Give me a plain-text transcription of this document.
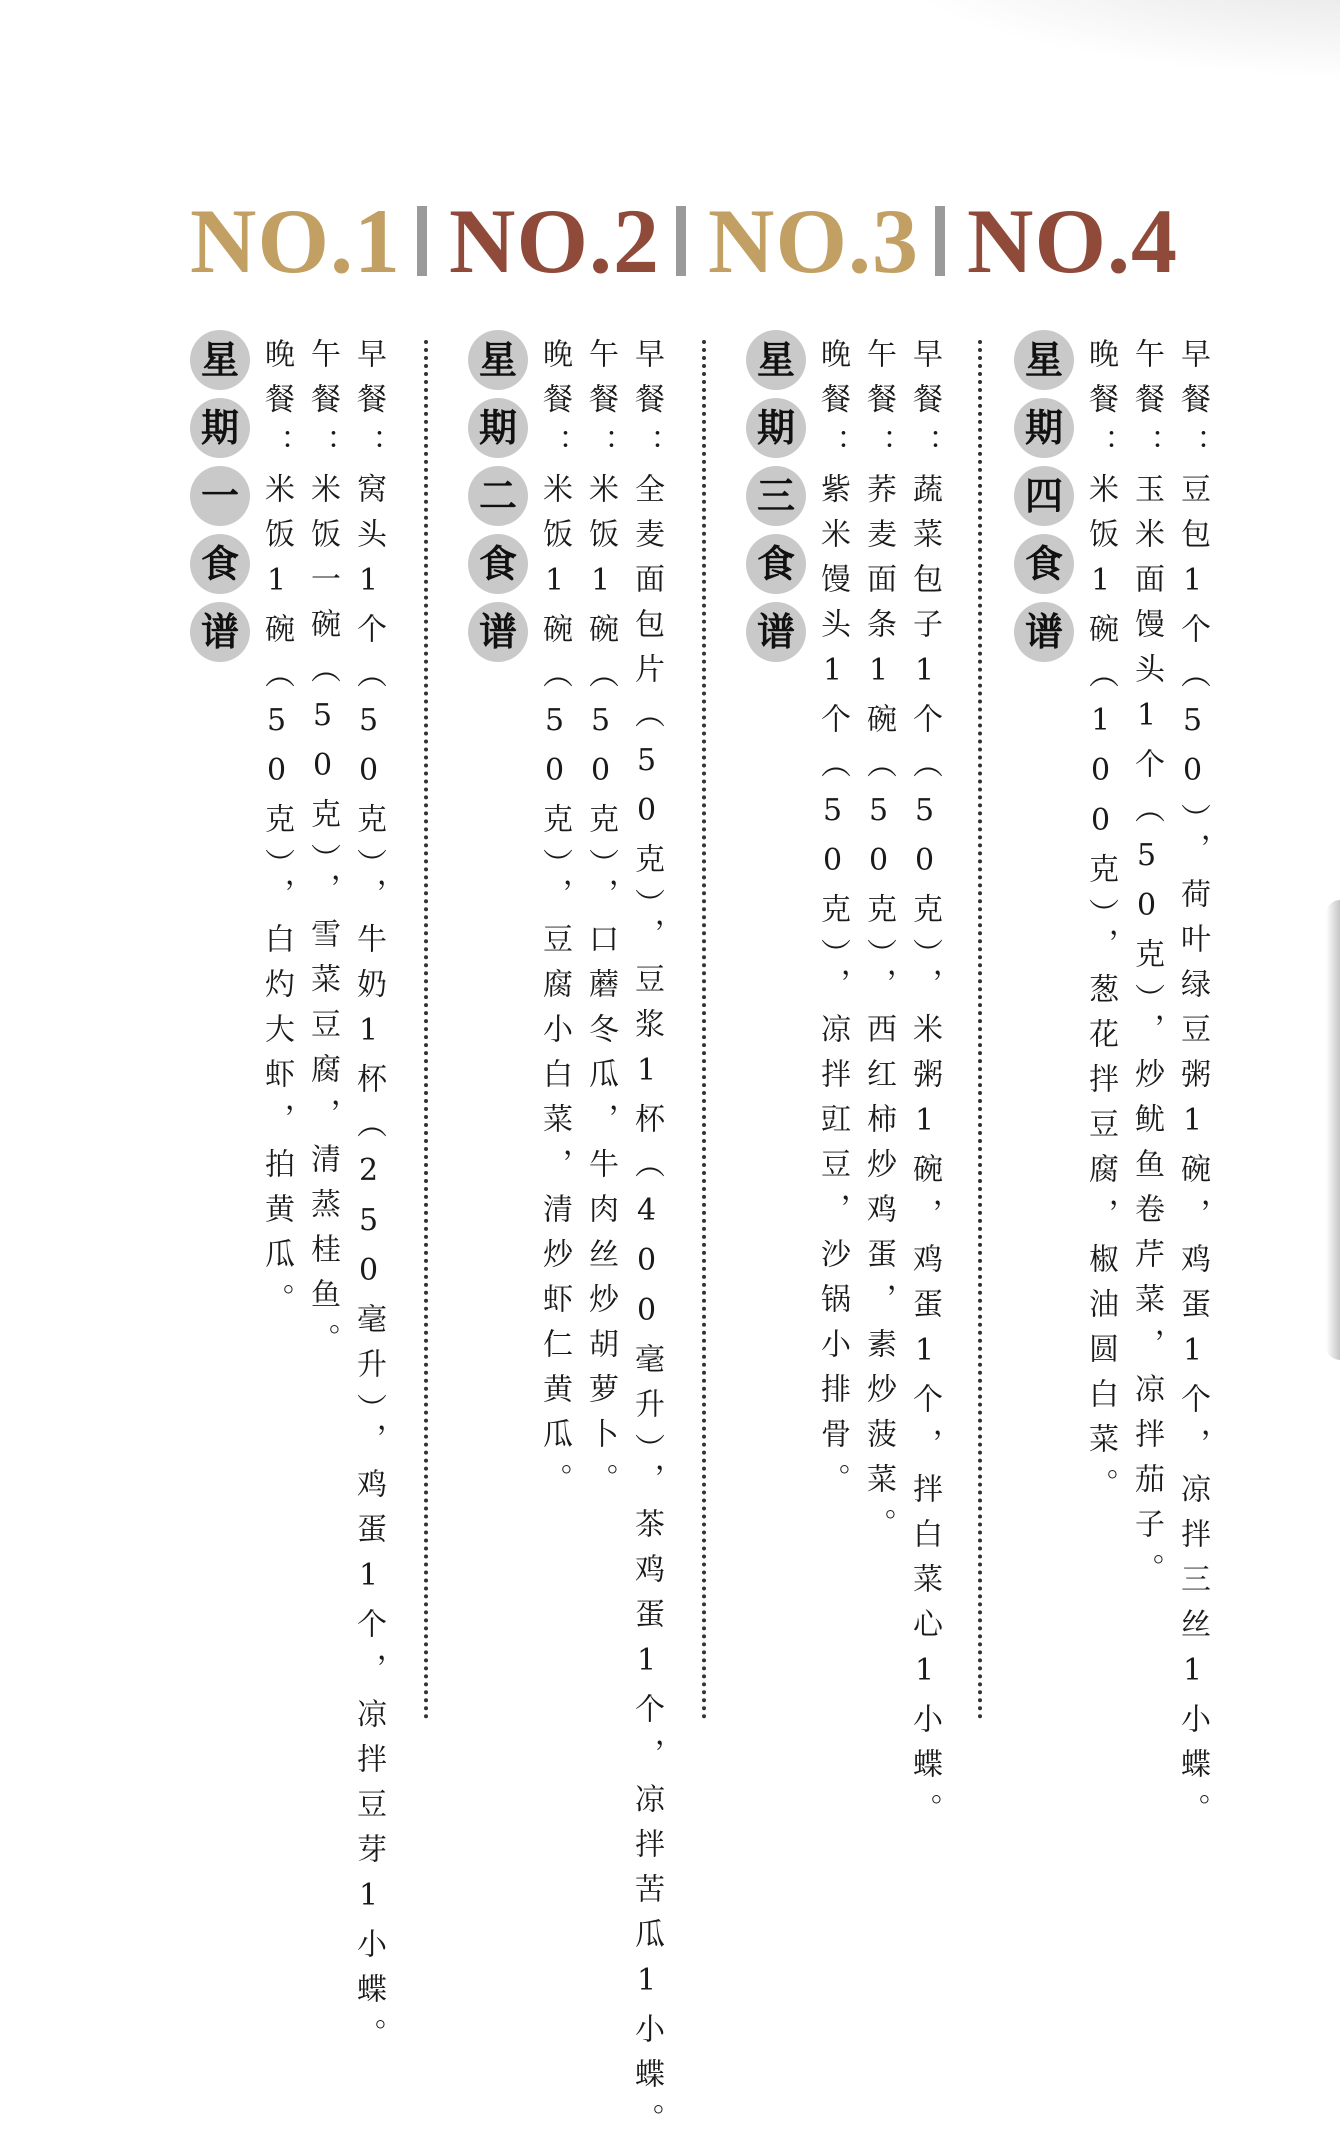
NO.1 NO.2 NO.3 NO.4
星
期
一
食
谱
早餐：窝头1个（50克），牛奶1杯（250毫升），鸡蛋1个，凉拌豆芽1小蝶。
午餐：米饭一碗（50克），雪菜豆腐，清蒸桂鱼。
晚餐：米饭1碗（50克），白灼大虾，拍黄瓜。
星
期
二
食
谱
早餐：全麦面包片（50克），豆浆1杯（400毫升），茶鸡蛋1个，凉拌苦瓜1小蝶。
午餐：米饭1碗（50克），口蘑冬瓜，牛肉丝炒胡萝卜。
晚餐：米饭1碗（50克），豆腐小白菜，清炒虾仁黄瓜。
星
期
三
食
谱
早餐：蔬菜包子1个（50克），米粥1碗，鸡蛋1个，拌白菜心1小蝶。
午餐：荞麦面条1碗（50克），西红柿炒鸡蛋，素炒菠菜。
晚餐：紫米馒头1个（50克），凉拌豇豆，沙锅小排骨。
星
期
四
食
谱
早餐：豆包1个（50），荷叶绿豆粥1碗，鸡蛋1个，凉拌三丝1小蝶。
午餐：玉米面馒头1个（50克），炒鱿鱼卷芹菜，凉拌茄子。
晚餐：米饭1碗（100克），葱花拌豆腐，椒油圆白菜。
